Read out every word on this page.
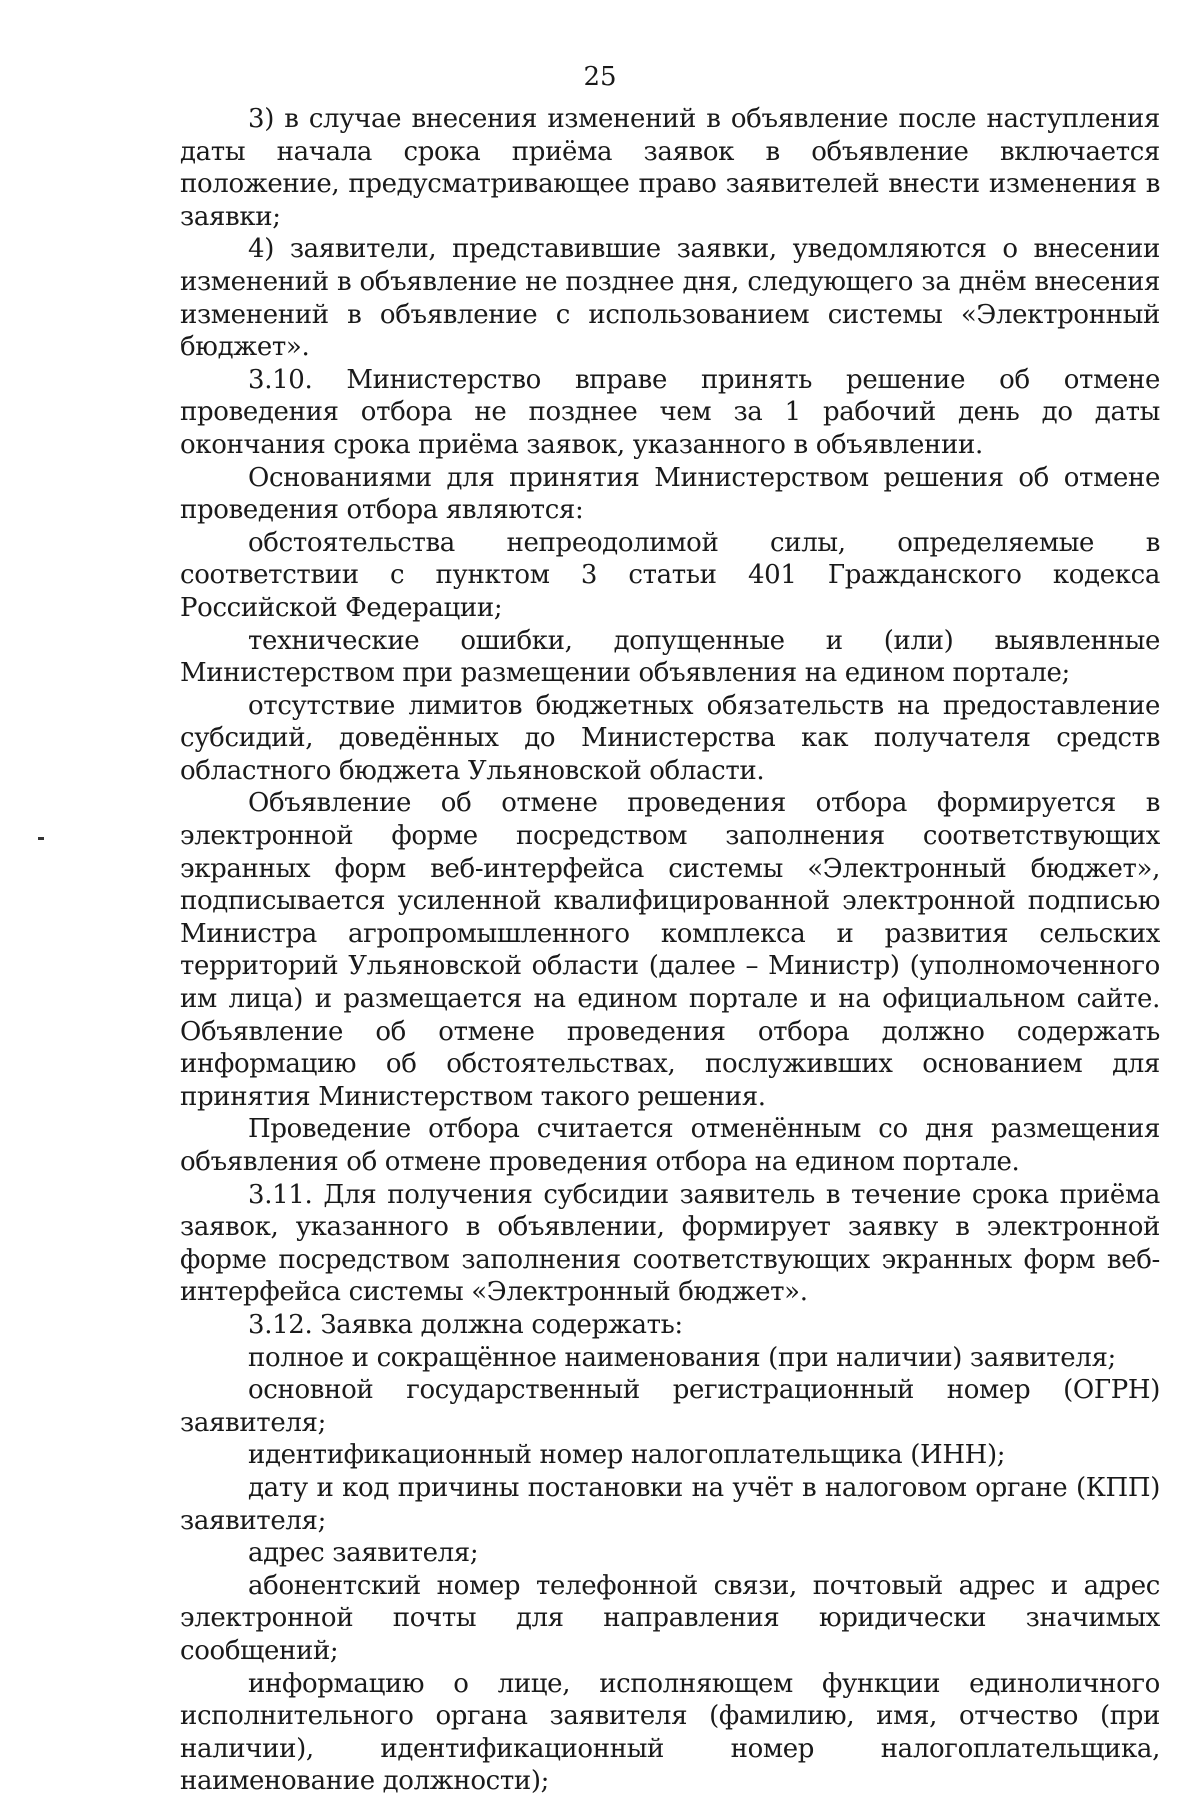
25

3) в случае внесения изменений в объявление после наступления даты начала срока приёма заявок в объявление включается положение, предусматривающее право заявителей внести изменения в заявки;

4) заявители, представившие заявки, уведомляются о внесении изменений в объявление не позднее дня, следующего за днём внесения изменений в объявление с использованием системы «Электронный бюджет».

3.10. Министерство вправе принять решение об отмене проведения отбора не позднее чем за 1 рабочий день до даты окончания срока приёма заявок, указанного в объявлении.

Основаниями для принятия Министерством решения об отмене проведения отбора являются:

обстоятельства непреодолимой силы, определяемые в соответствии с пунктом 3 статьи 401 Гражданского кодекса Российской Федерации;

технические ошибки, допущенные и (или) выявленные Министерством при размещении объявления на едином портале;

отсутствие лимитов бюджетных обязательств на предоставление субсидий, доведённых до Министерства как получателя средств областного бюджета Ульяновской области.

Объявление об отмене проведения отбора формируется в электронной форме посредством заполнения соответствующих экранных форм веб-интерфейса системы «Электронный бюджет», подписывается усиленной квалифицированной электронной подписью Министра агропромышленного комплекса и развития сельских территорий Ульяновской области (далее – Министр) (уполномоченного им лица) и размещается на едином портале и на официальном сайте. Объявление об отмене проведения отбора должно содержать информацию об обстоятельствах, послуживших основанием для принятия Министерством такого решения.

Проведение отбора считается отменённым со дня размещения объявления об отмене проведения отбора на едином портале.

3.11. Для получения субсидии заявитель в течение срока приёма заявок, указанного в объявлении, формирует заявку в электронной форме посредством заполнения соответствующих экранных форм веб-интерфейса системы «Электронный бюджет».

3.12. Заявка должна содержать:

полное и сокращённое наименования (при наличии) заявителя;

основной государственный регистрационный номер (ОГРН) заявителя;

идентификационный номер налогоплательщика (ИНН);

дату и код причины постановки на учёт в налоговом органе (КПП) заявителя;

адрес заявителя;

абонентский номер телефонной связи, почтовый адрес и адрес электронной почты для направления юридически значимых сообщений;

информацию о лице, исполняющем функции единоличного исполнительного органа заявителя (фамилию, имя, отчество (при наличии), идентификационный номер налогоплательщика, наименование должности);
